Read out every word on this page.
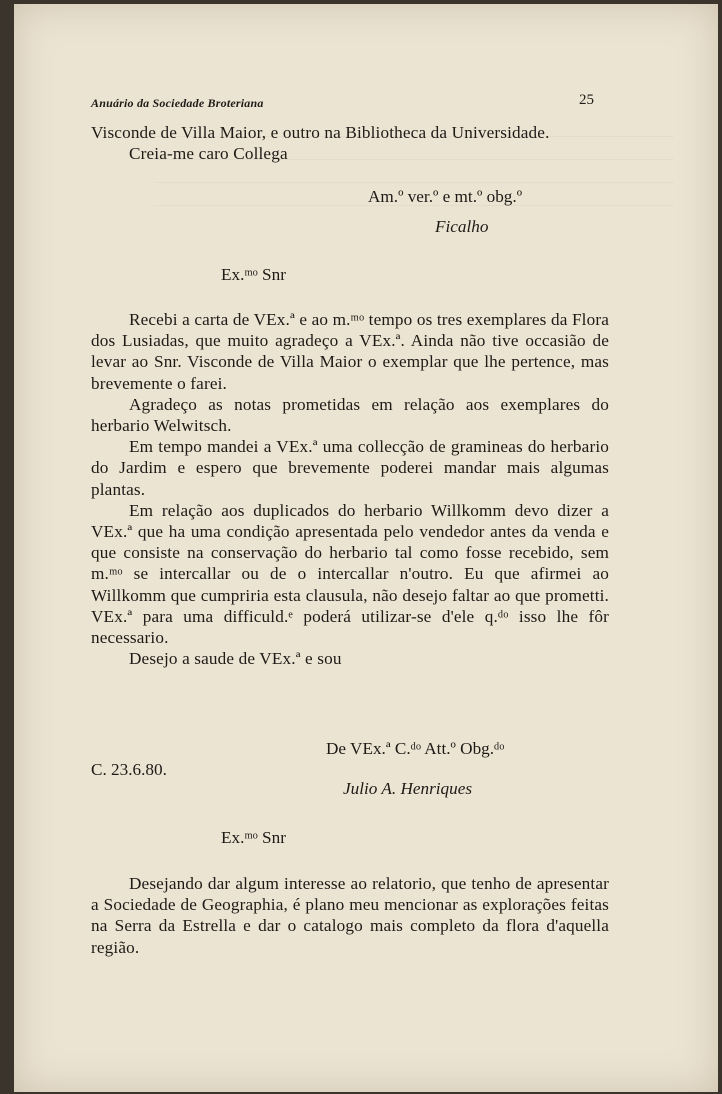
Anuário da Sociedade Broteriana	25

Visconde de Villa Maior, e outro na Bibliotheca da Universidade.

Creia-me caro Collega

Am.º ver.º e mt.º obg.º
Ficalho
Ex.ᵐᵒ Snr

Recebi a carta de VEx.ª e ao m.ᵐᵒ tempo os tres exemplares da Flora dos Lusiadas, que muito agradeço a VEx.ª. Ainda não tive occasião de levar ao Snr. Visconde de Villa Maior o exemplar que lhe pertence, mas brevemente o farei.

Agradeço as notas prometidas em relação aos exemplares do herbario Welwitsch.

Em tempo mandei a VEx.ª uma collecção de gramineas do herbario do Jardim e espero que brevemente poderei mandar mais algumas plantas.

Em relação aos duplicados do herbario Willkomm devo dizer a VEx.ª que ha uma condição apresentada pelo vendedor antes da venda e que consiste na conservação do herbario tal como fosse recebido, sem m.ᵐᵒ se intercallar ou de o intercallar n'outro. Eu que afirmei ao Willkomm que cumpriria esta clausula, não desejo faltar ao que prometti. VEx.ª para uma difficuld.ᵉ poderá utilizar-se d'ele q.ᵈᵒ isso lhe fôr necessario.

Desejo a saude de VEx.ª e sou

De VEx.ª C.ᵈᵒ Att.º Obg.ᵈᵒ
C. 23.6.80.
Julio A. Henriques
Ex.ᵐᵒ Snr

Desejando dar algum interesse ao relatorio, que tenho de apresentar a Sociedade de Geographia, é plano meu mencionar as explorações feitas na Serra da Estrella e dar o catalogo mais completo da flora d'aquella região.
